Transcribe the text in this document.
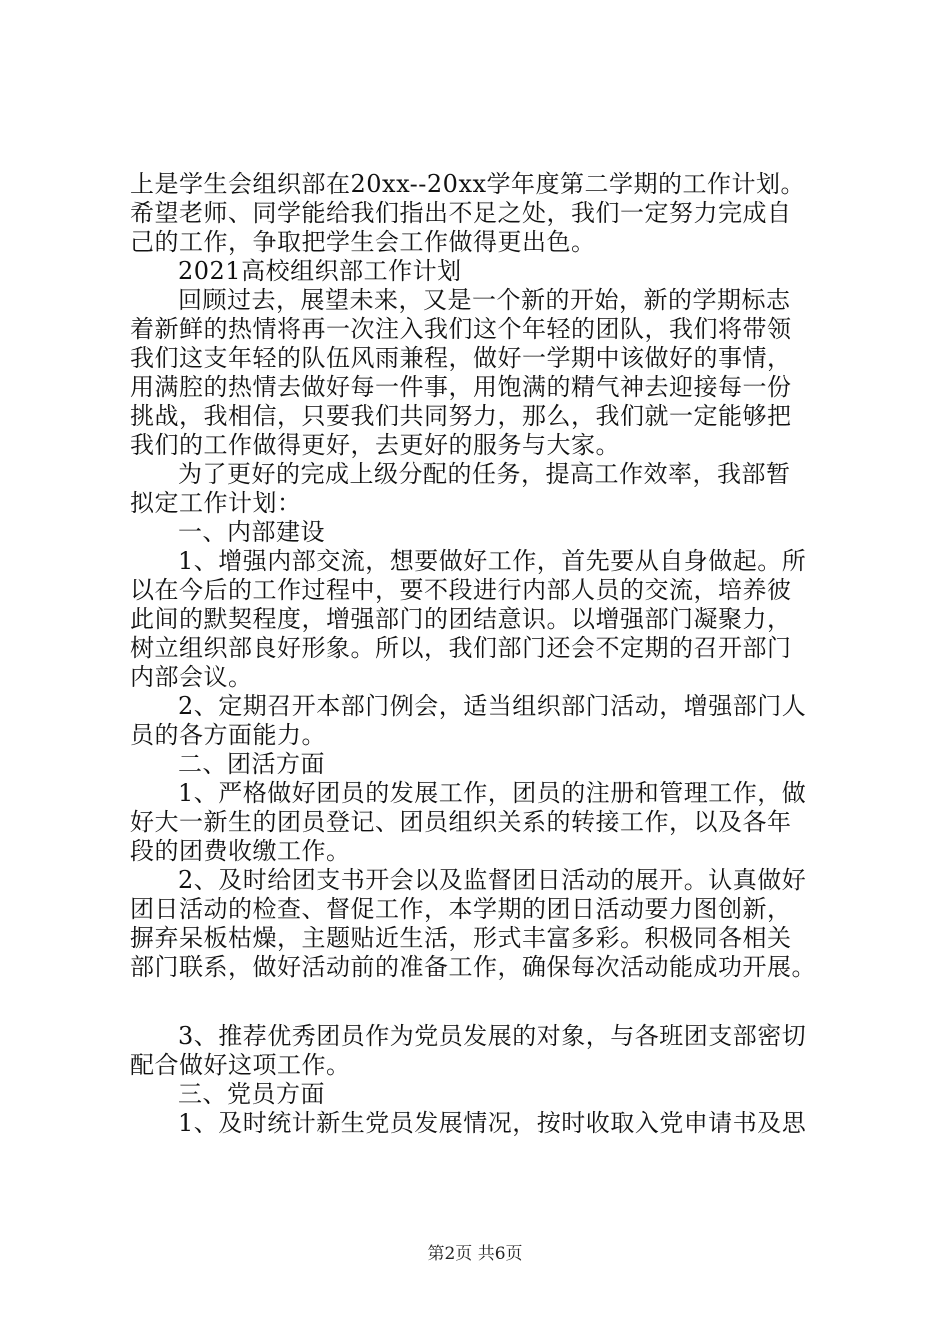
上是学生会组织部在20xx--20xx学年度第二学期的工作计划。
希望老师、同学能给我们指出不足之处，我们一定努力完成自
己的工作，争取把学生会工作做得更出色。
2021高校组织部工作计划
回顾过去，展望未来，又是一个新的开始，新的学期标志
着新鲜的热情将再一次注入我们这个年轻的团队，我们将带领
我们这支年轻的队伍风雨兼程，做好一学期中该做好的事情，
用满腔的热情去做好每一件事，用饱满的精气神去迎接每一份
挑战，我相信，只要我们共同努力，那么，我们就一定能够把
我们的工作做得更好，去更好的服务与大家。
为了更好的完成上级分配的任务，提高工作效率，我部暂
拟定工作计划：
一、内部建设
1、增强内部交流，想要做好工作，首先要从自身做起。所
以在今后的工作过程中，要不段进行内部人员的交流，培养彼
此间的默契程度，增强部门的团结意识。以增强部门凝聚力，
树立组织部良好形象。所以，我们部门还会不定期的召开部门
内部会议。
2、定期召开本部门例会，适当组织部门活动，增强部门人
员的各方面能力。
二、团活方面
1、严格做好团员的发展工作，团员的注册和管理工作，做
好大一新生的团员登记、团员组织关系的转接工作，以及各年
段的团费收缴工作。
2、及时给团支书开会以及监督团日活动的展开。认真做好
团日活动的检查、督促工作，本学期的团日活动要力图创新，
摒弃呆板枯燥，主题贴近生活，形式丰富多彩。积极同各相关
部门联系，做好活动前的准备工作，确保每次活动能成功开展。
3、推荐优秀团员作为党员发展的对象，与各班团支部密切
配合做好这项工作。
三、党员方面
1、及时统计新生党员发展情况，按时收取入党申请书及思
第2页 共6页
